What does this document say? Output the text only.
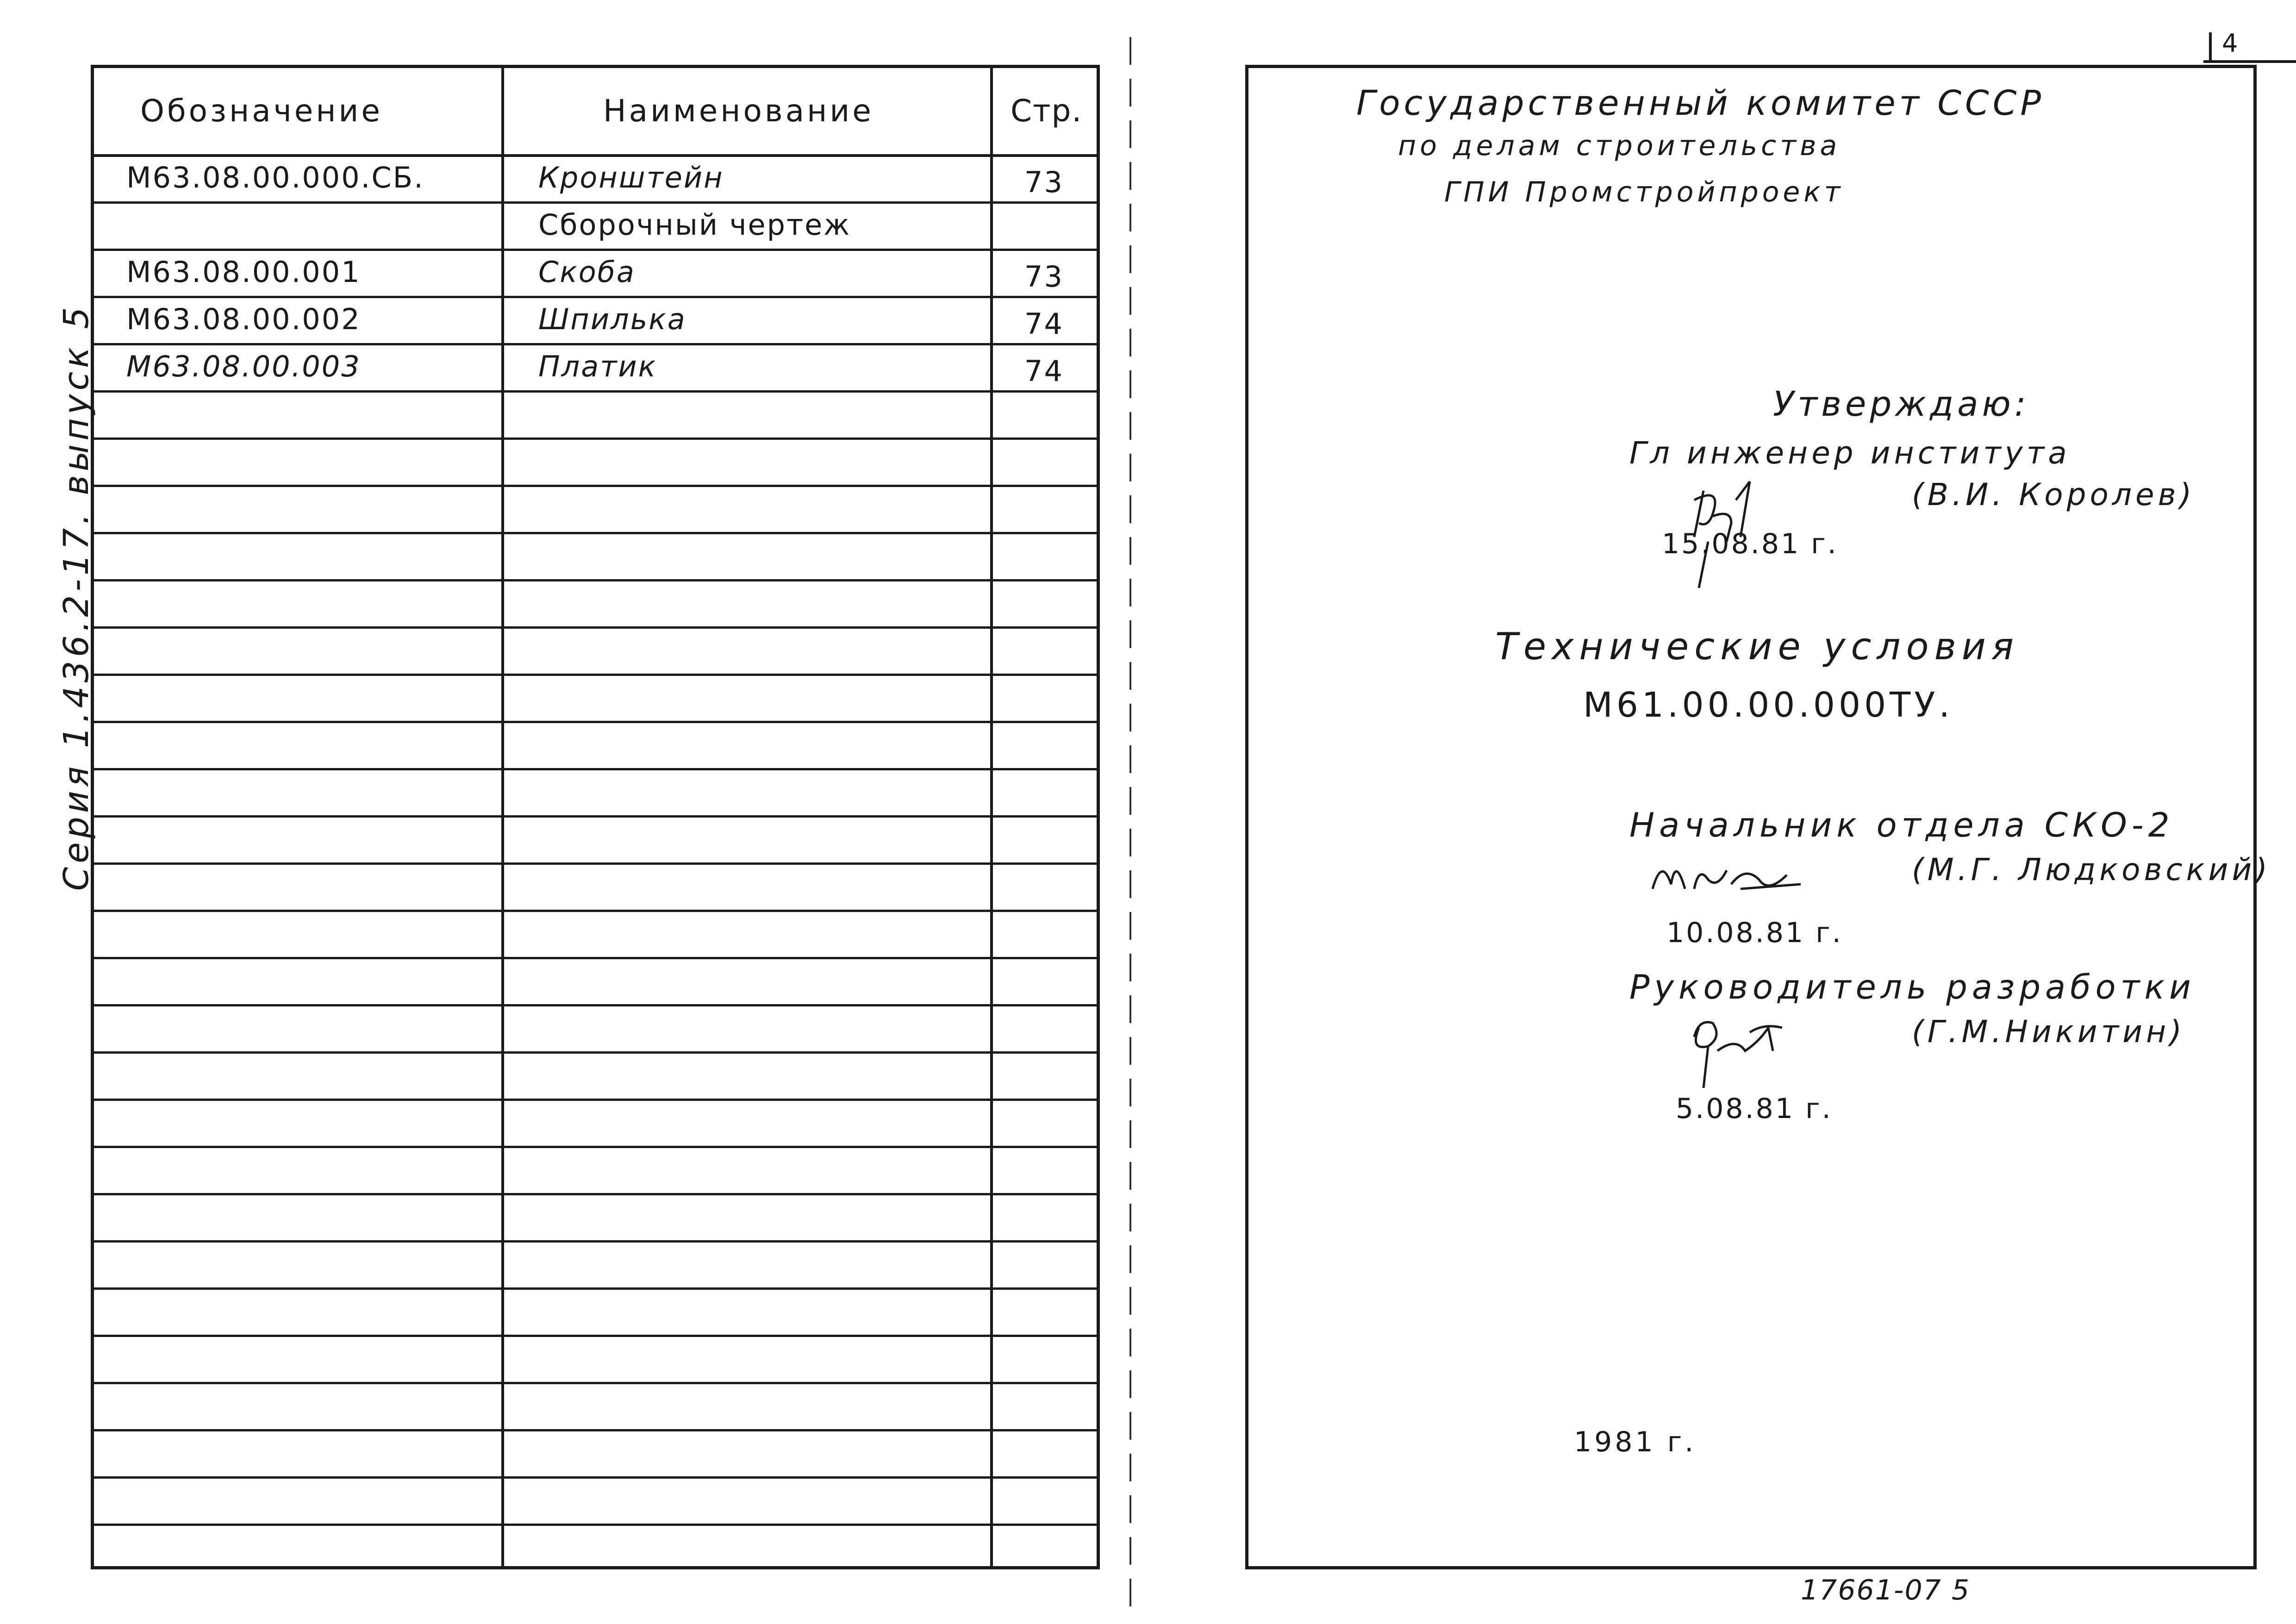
Обозначение	Наименование	Стр.
М63.08.00.000.СБ.	Кронштейн	73
Сборочный чертеж
М63.08.00.001	Скоба	73
М63.08.00.002	Шпилька	74
М63.08.00.003	Платик	74
Серия 1.436.2-17. выпуск 5
4
Государственный комитет СССР
по делам строительства
ГПИ Промстройпроект
Утверждаю:
Гл инженер института
(В.И. Королев)
15.08.81 г.
Технические условия
М61.00.00.000ТУ.
Начальник отдела СКО-2
(М.Г. Людковский)
10.08.81 г.
Руководитель разработки
(Г.М.Никитин)
5.08.81 г.
1981 г.
17661-07 5
